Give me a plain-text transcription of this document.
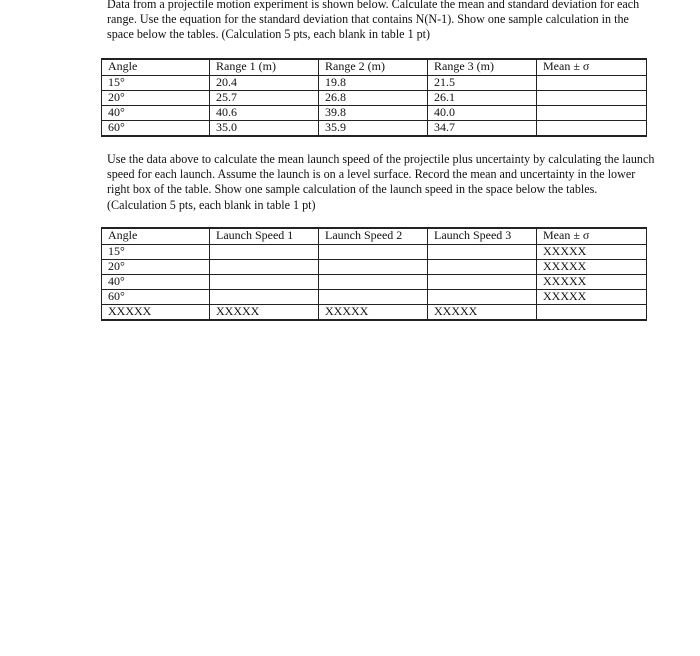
Data from a projectile motion experiment is shown below. Calculate the mean and standard deviation for each range. Use the equation for the standard deviation that contains N(N-1). Show one sample calculation in the space below the tables. (Calculation 5 pts, each blank in table 1 pt)

Angle	Range 1 (m)	Range 2 (m)	Range 3 (m)	Mean ± σ
15°	20.4	19.8	21.5	
20°	25.7	26.8	26.1	
40°	40.6	39.8	40.0	
60°	35.0	35.9	34.7	

Use the data above to calculate the mean launch speed of the projectile plus uncertainty by calculating the launch speed for each launch. Assume the launch is on a level surface. Record the mean and uncertainty in the lower right box of the table. Show one sample calculation of the launch speed in the space below the tables. (Calculation 5 pts, each blank in table 1 pt)

Angle	Launch Speed 1	Launch Speed 2	Launch Speed 3	Mean ± σ
15°				XXXXX
20°				XXXXX
40°				XXXXX
60°				XXXXX
XXXXX	XXXXX	XXXXX	XXXXX	
